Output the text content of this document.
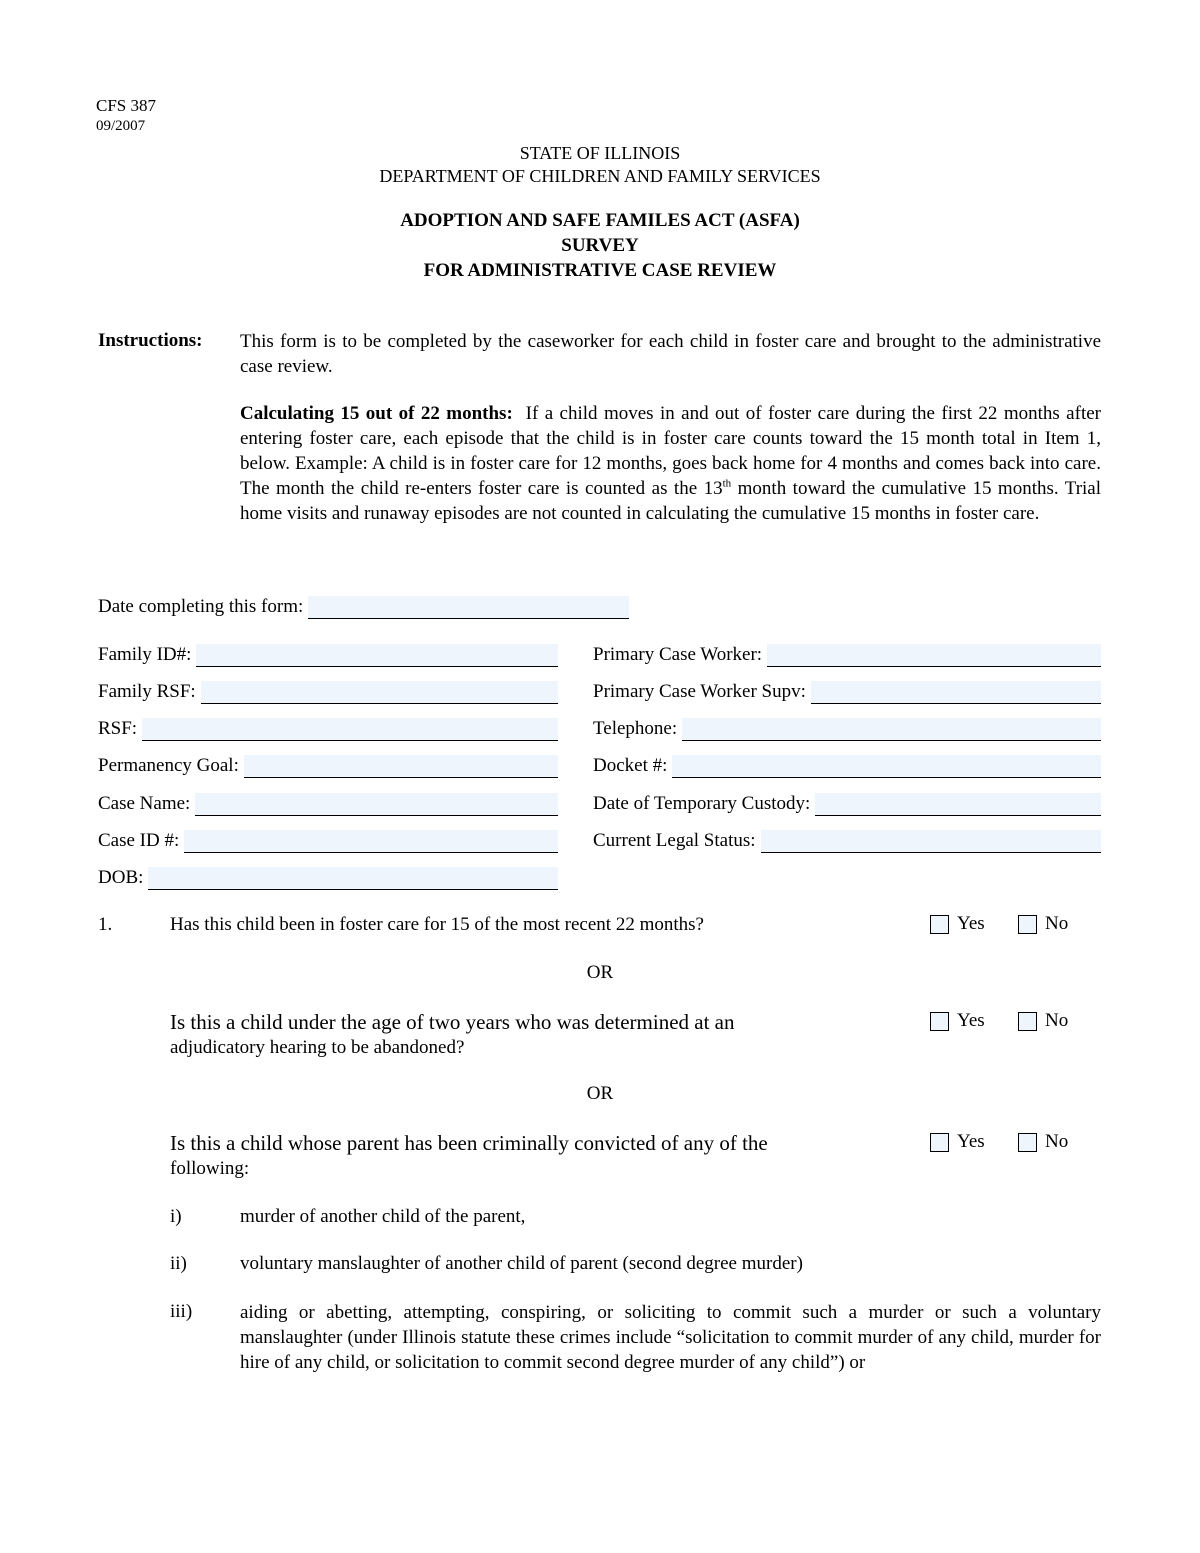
CFS 387
09/2007
STATE OF ILLINOIS
DEPARTMENT OF CHILDREN AND FAMILY SERVICES
ADOPTION AND SAFE FAMILES ACT (ASFA)
SURVEY
FOR ADMINISTRATIVE CASE REVIEW
Instructions: This form is to be completed by the caseworker for each child in foster care and brought to the administrative case review.

Calculating 15 out of 22 months: If a child moves in and out of foster care during the first 22 months after entering foster care, each episode that the child is in foster care counts toward the 15 month total in Item 1, below. Example: A child is in foster care for 12 months, goes back home for 4 months and comes back into care. The month the child re-enters foster care is counted as the 13th month toward the cumulative 15 months. Trial home visits and runaway episodes are not counted in calculating the cumulative 15 months in foster care.
Date completing this form:
Family ID#:
Family RSF:
RSF:
Permanency Goal:
Case Name:
Case ID #:
DOB:
Primary Case Worker:
Primary Case Worker Supv:
Telephone:
Docket #:
Date of Temporary Custody:
Current Legal Status:
1.	Has this child been in foster care for 15 of the most recent 22 months?	Yes	No
OR
Is this a child under the age of two years who was determined at an
adjudicatory hearing to be abandoned?
Yes	No
OR
Is this a child whose parent has been criminally convicted of any of the
following:
Yes	No
i)	murder of another child of the parent,
ii)	voluntary manslaughter of another child of parent (second degree murder)
iii)	aiding or abetting, attempting, conspiring, or soliciting to commit such a murder or such a voluntary manslaughter (under Illinois statute these crimes include “solicitation to commit murder of any child, murder for hire of any child, or solicitation to commit second degree murder of any child”) or
